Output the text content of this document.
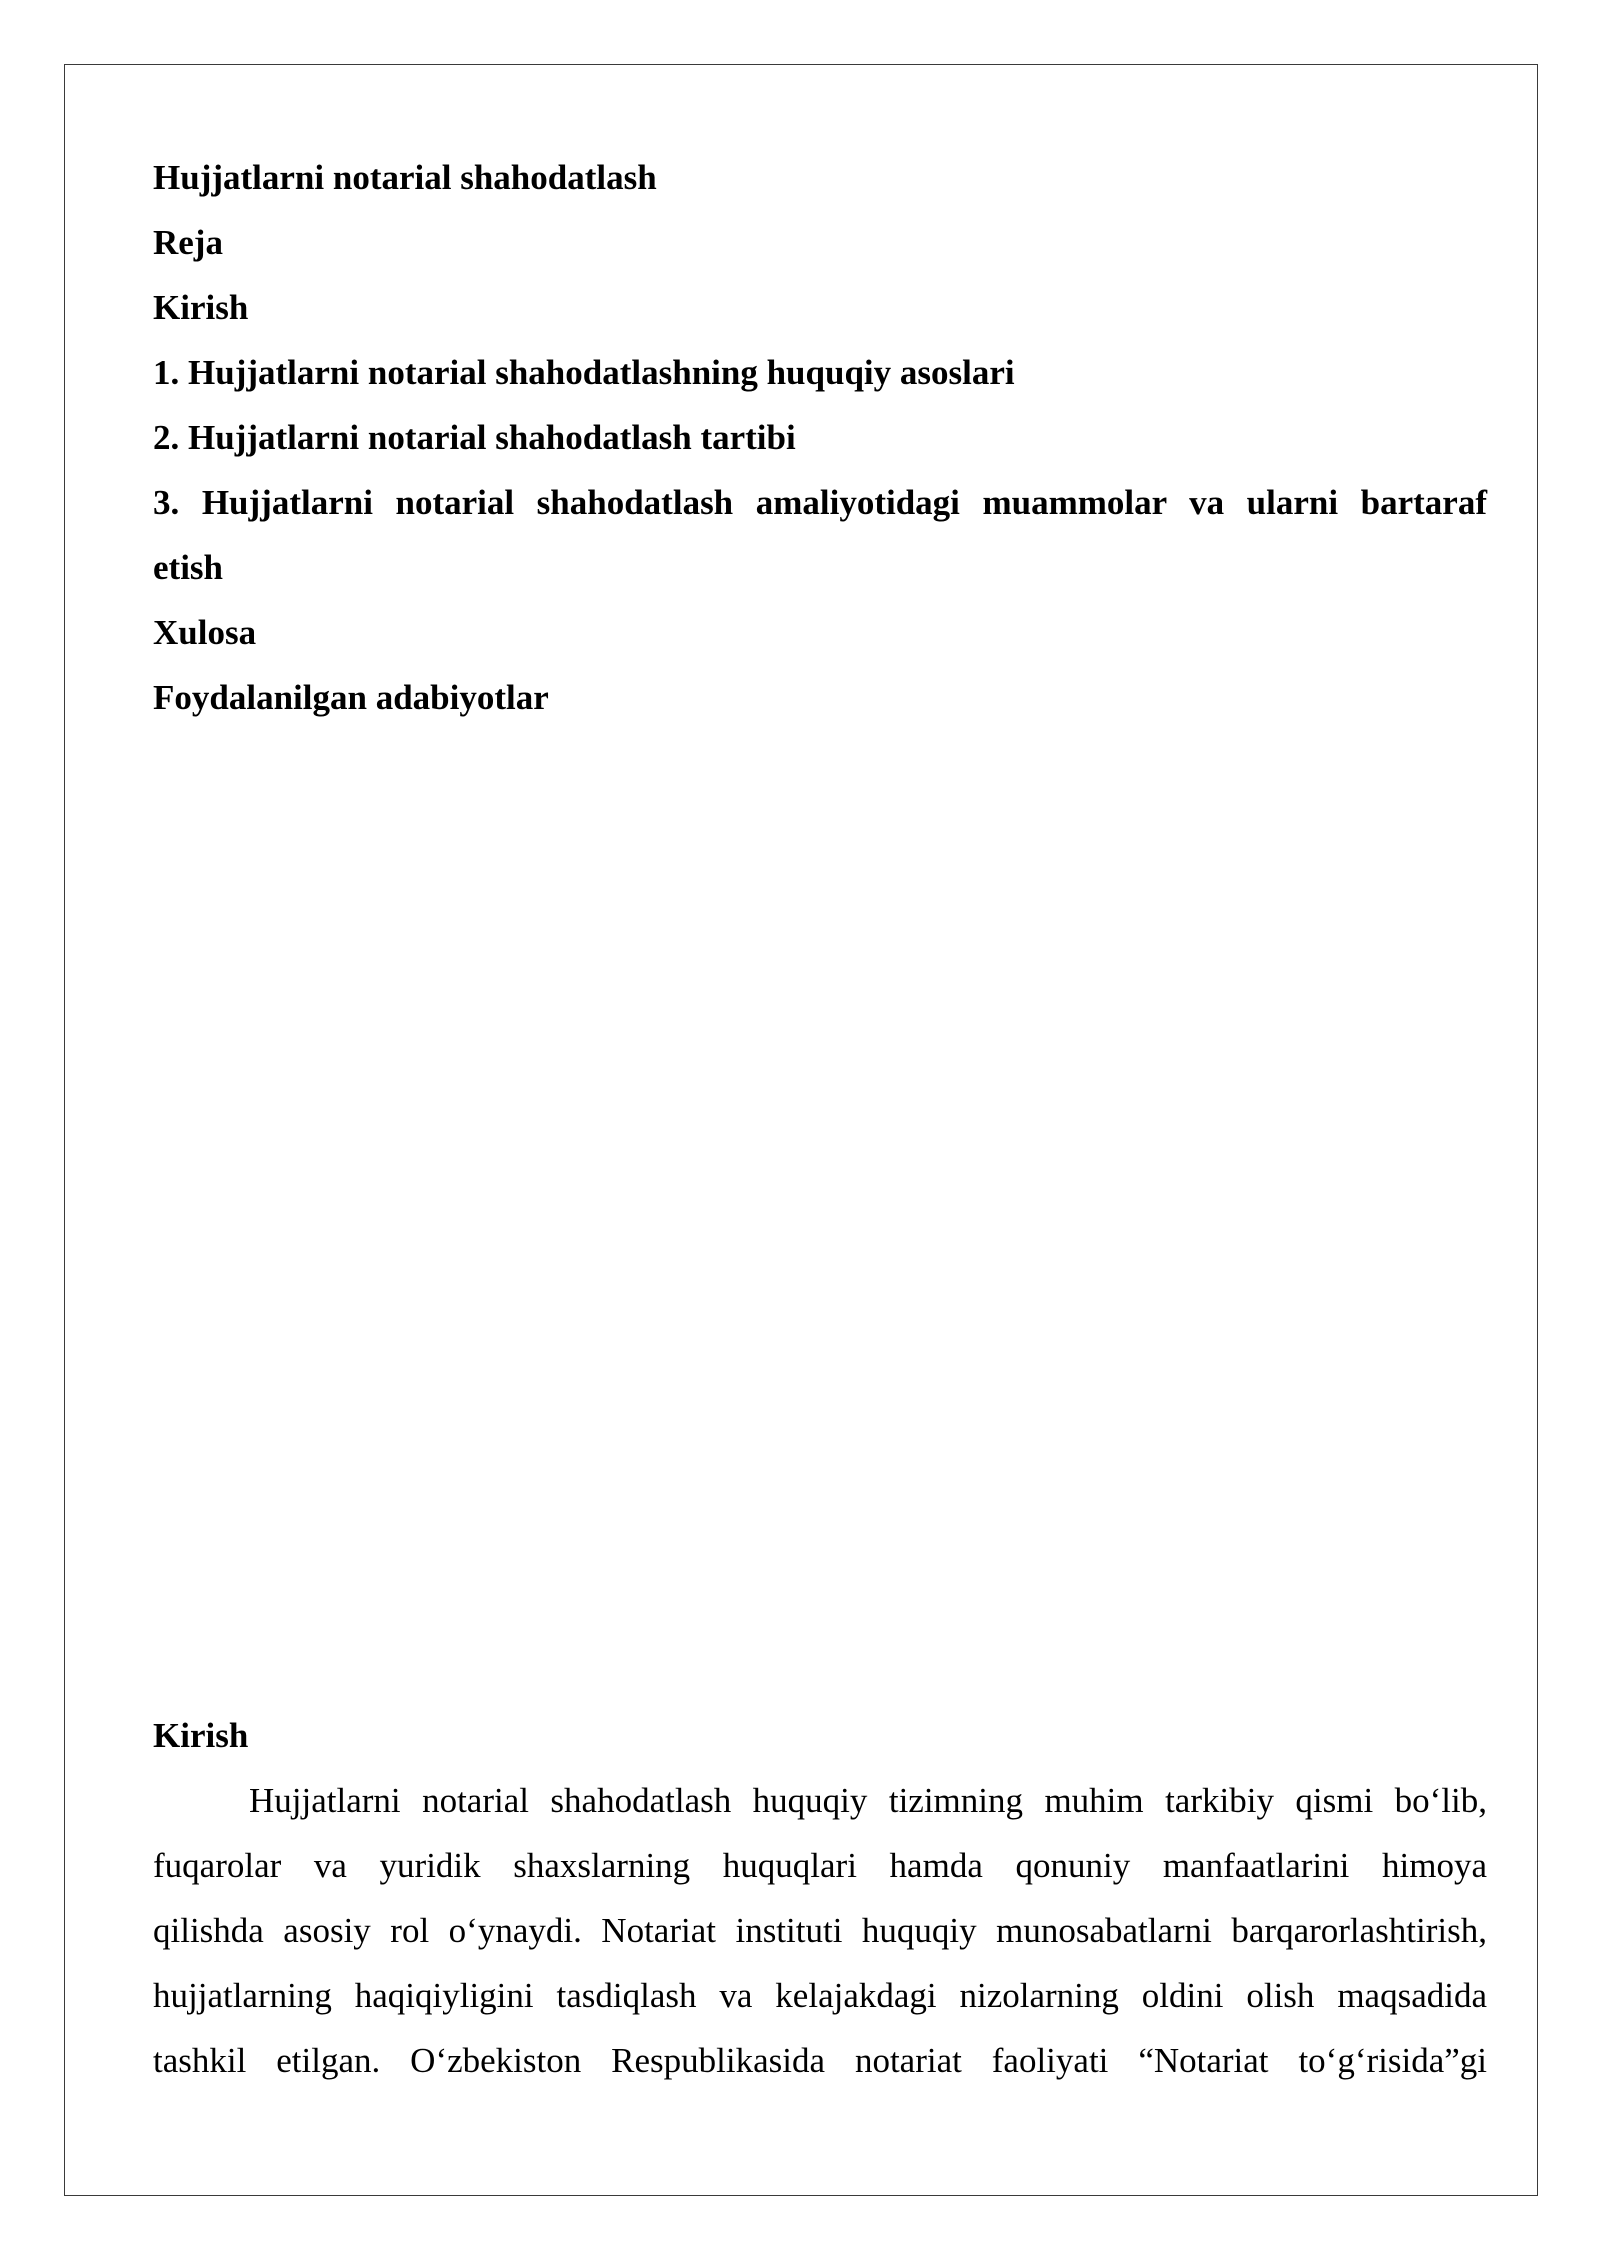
Hujjatlarni notarial shahodatlash

Reja

Kirish

1. Hujjatlarni notarial shahodatlashning huquqiy asoslari

2. Hujjatlarni notarial shahodatlash tartibi

3. Hujjatlarni notarial shahodatlash amaliyotidagi muammolar va ularni bartaraf

etish

Xulosa

Foydalanilgan adabiyotlar

Kirish

Hujjatlarni notarial shahodatlash huquqiy tizimning muhim tarkibiy qismi bo‘lib,

fuqarolar va yuridik shaxslarning huquqlari hamda qonuniy manfaatlarini himoya

qilishda asosiy rol o‘ynaydi. Notariat instituti huquqiy munosabatlarni barqarorlashtirish,

hujjatlarning haqiqiyligini tasdiqlash va kelajakdagi nizolarning oldini olish maqsadida

tashkil etilgan. O‘zbekiston Respublikasida notariat faoliyati “Notariat to‘g‘risida”gi
